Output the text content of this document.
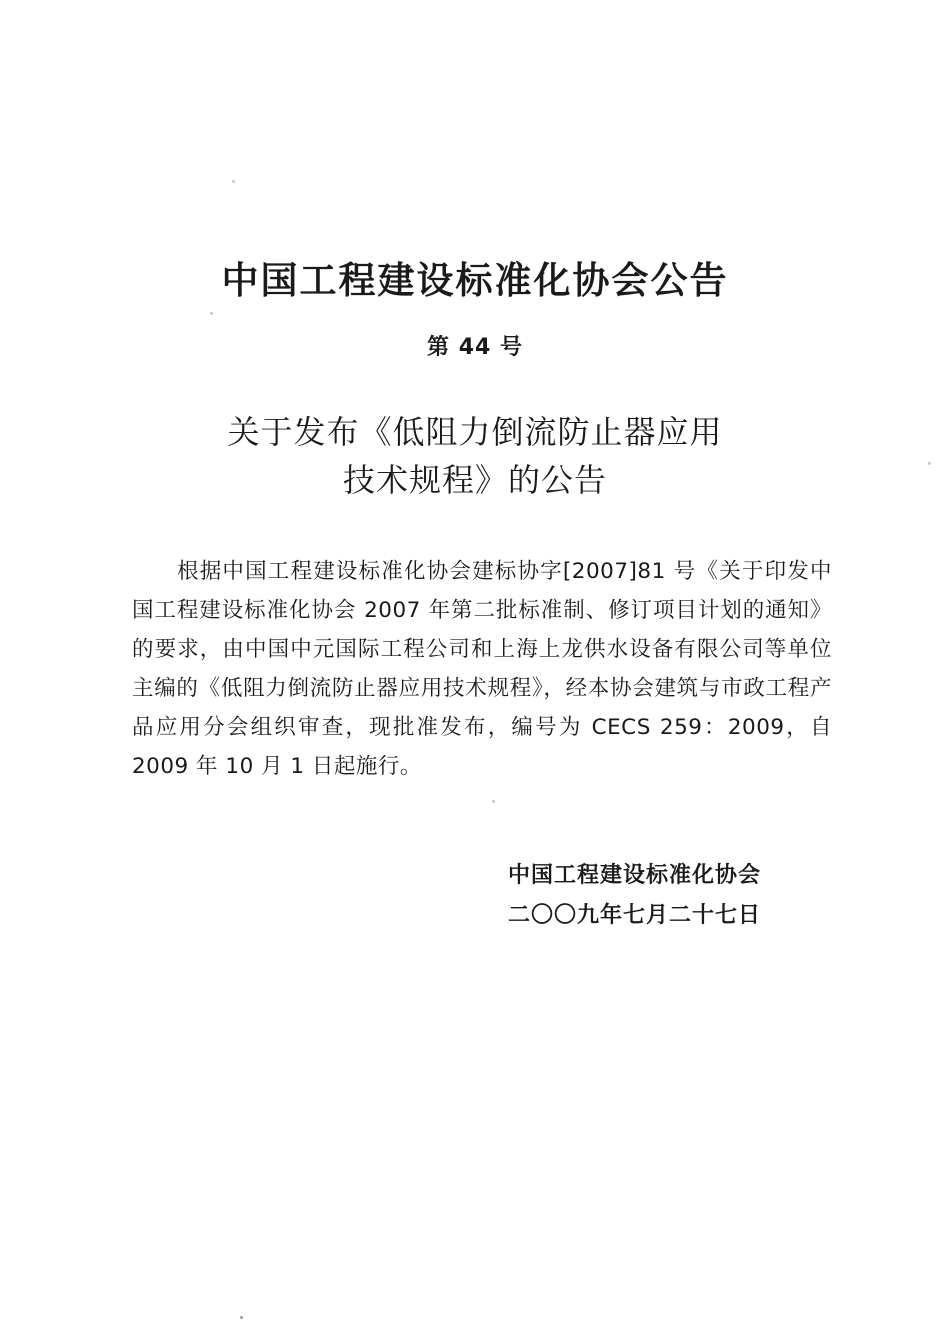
中国工程建设标准化协会公告
第 44 号
关于发布《低阻力倒流防止器应用
技术规程》的公告

根据中国工程建设标准化协会建标协字[2007]81 号《关于印发中国工程建设标准化协会 2007 年第二批标准制、修订项目计划的通知》的要求，由中国中元国际工程公司和上海上龙供水设备有限公司等单位主编的《低阻力倒流防止器应用技术规程》，经本协会建筑与市政工程产品应用分会组织审查，现批准发布，编号为 CECS 259：2009，自 2009 年 10 月 1 日起施行。

中国工程建设标准化协会
二〇〇九年七月二十七日
